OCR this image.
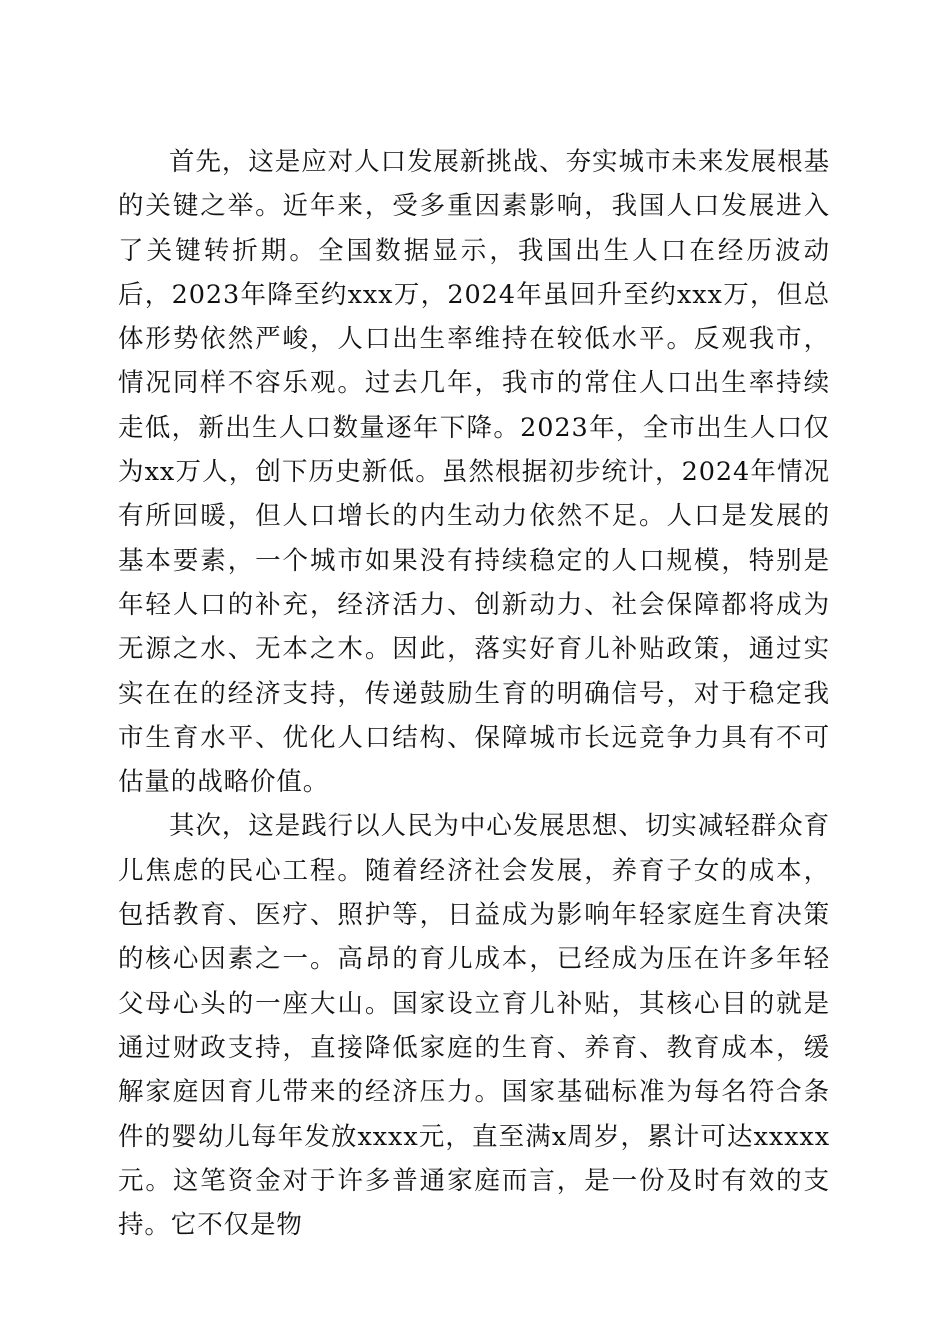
首先，这是应对人口发展新挑战、夯实城市未来发展根基的关键之举。近年来，受多重因素影响，我国人口发展进入了关键转折期。全国数据显示，我国出生人口在经历波动后，2023年降至约xxx万，2024年虽回升至约xxx万，但总体形势依然严峻，人口出生率维持在较低水平。反观我市，情况同样不容乐观。过去几年，我市的常住人口出生率持续走低，新出生人口数量逐年下降。2023年，全市出生人口仅为xx万人，创下历史新低。虽然根据初步统计，2024年情况有所回暖，但人口增长的内生动力依然不足。人口是发展的基本要素，一个城市如果没有持续稳定的人口规模，特别是年轻人口的补充，经济活力、创新动力、社会保障都将成为无源之水、无本之木。因此，落实好育儿补贴政策，通过实实在在的经济支持，传递鼓励生育的明确信号，对于稳定我市生育水平、优化人口结构、保障城市长远竞争力具有不可估量的战略价值。

其次，这是践行以人民为中心发展思想、切实减轻群众育儿焦虑的民心工程。随着经济社会发展，养育子女的成本，包括教育、医疗、照护等，日益成为影响年轻家庭生育决策的核心因素之一。高昂的育儿成本，已经成为压在许多年轻父母心头的一座大山。国家设立育儿补贴，其核心目的就是通过财政支持，直接降低家庭的生育、养育、教育成本，缓解家庭因育儿带来的经济压力。国家基础标准为每名符合条件的婴幼儿每年发放xxxx元，直至满x周岁，累计可达xxxxx元。这笔资金对于许多普通家庭而言，是一份及时有效的支持。它不仅是物
